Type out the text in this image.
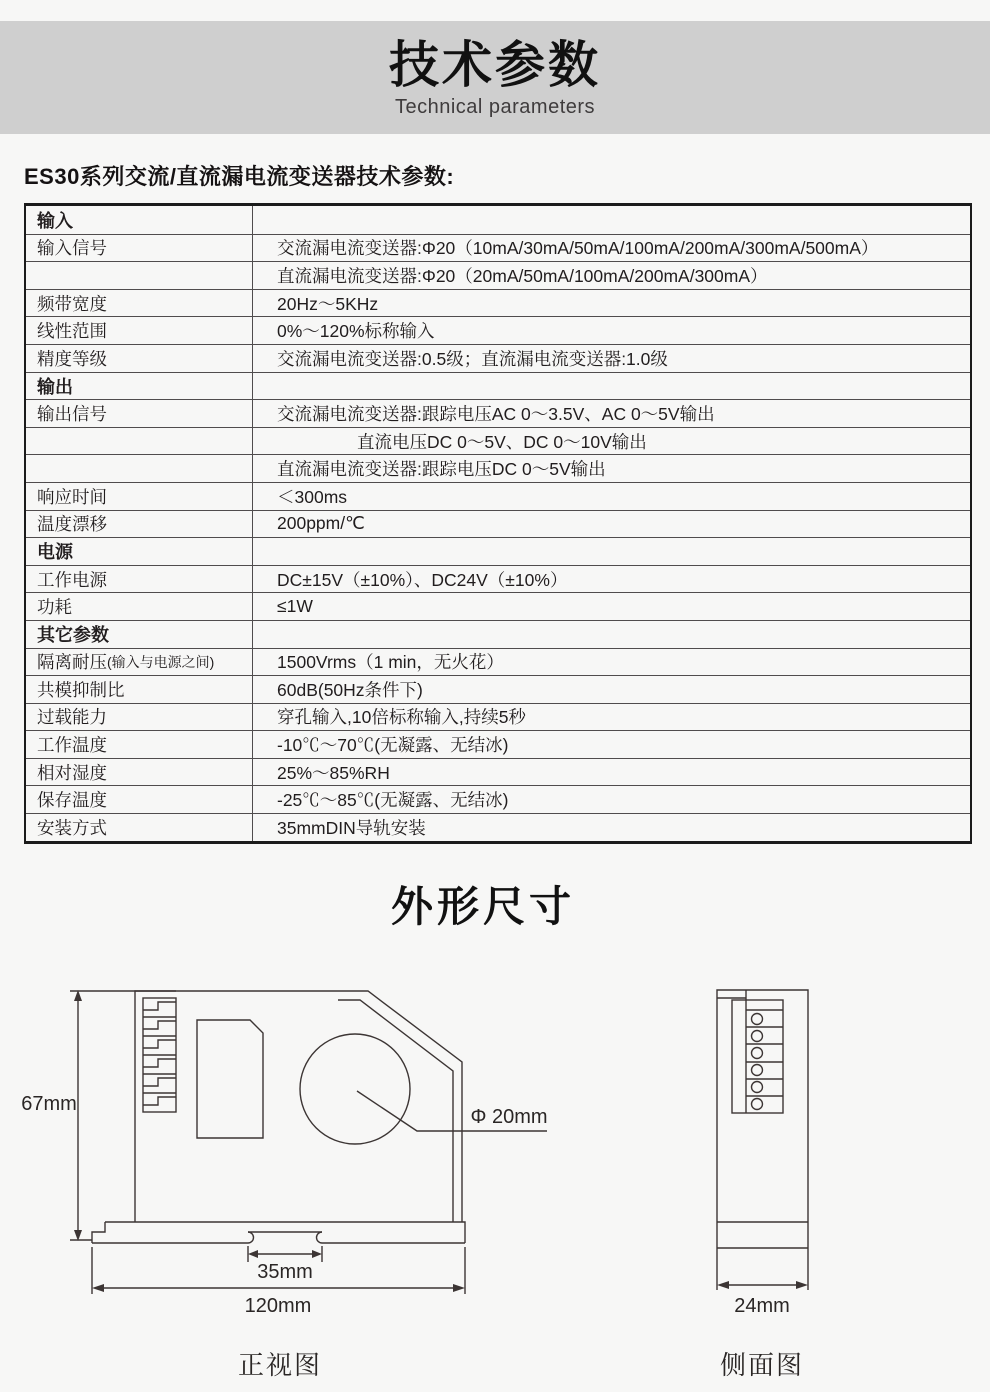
技术参数
Technical parameters
ES30系列交流/直流漏电流变送器技术参数:
输入
输入信号	交流漏电流变送器:Φ20（10mA/30mA/50mA/100mA/200mA/300mA/500mA）
直流漏电流变送器:Φ20（20mA/50mA/100mA/200mA/300mA）
频带宽度	20Hz～5KHz
线性范围	0%～120%标称输入
精度等级	交流漏电流变送器:0.5级；直流漏电流变送器:1.0级
输出
输出信号	交流漏电流变送器:跟踪电压AC 0～3.5V、AC 0～5V输出
直流电压DC 0～5V、DC 0～10V输出
直流漏电流变送器:跟踪电压DC 0～5V输出
响应时间	＜300ms
温度漂移	200ppm/℃
电源
工作电源	DC±15V（±10%）、DC24V（±10%）
功耗	≤1W
其它参数
隔离耐压 (输入与电源之间)	1500Vrms（1 min，无火花）
共模抑制比	60dB(50Hz条件下)
过载能力	穿孔输入,10倍标称输入,持续5秒
工作温度	-10℃～70℃(无凝露、无结冰)
相对湿度	25%～85%RH
保存温度	-25℃～85℃(无凝露、无结冰)
安装方式	35mmDIN导轨安装
外形尺寸
67mm
Φ 20mm
35mm
120mm
正视图
24mm
侧面图
